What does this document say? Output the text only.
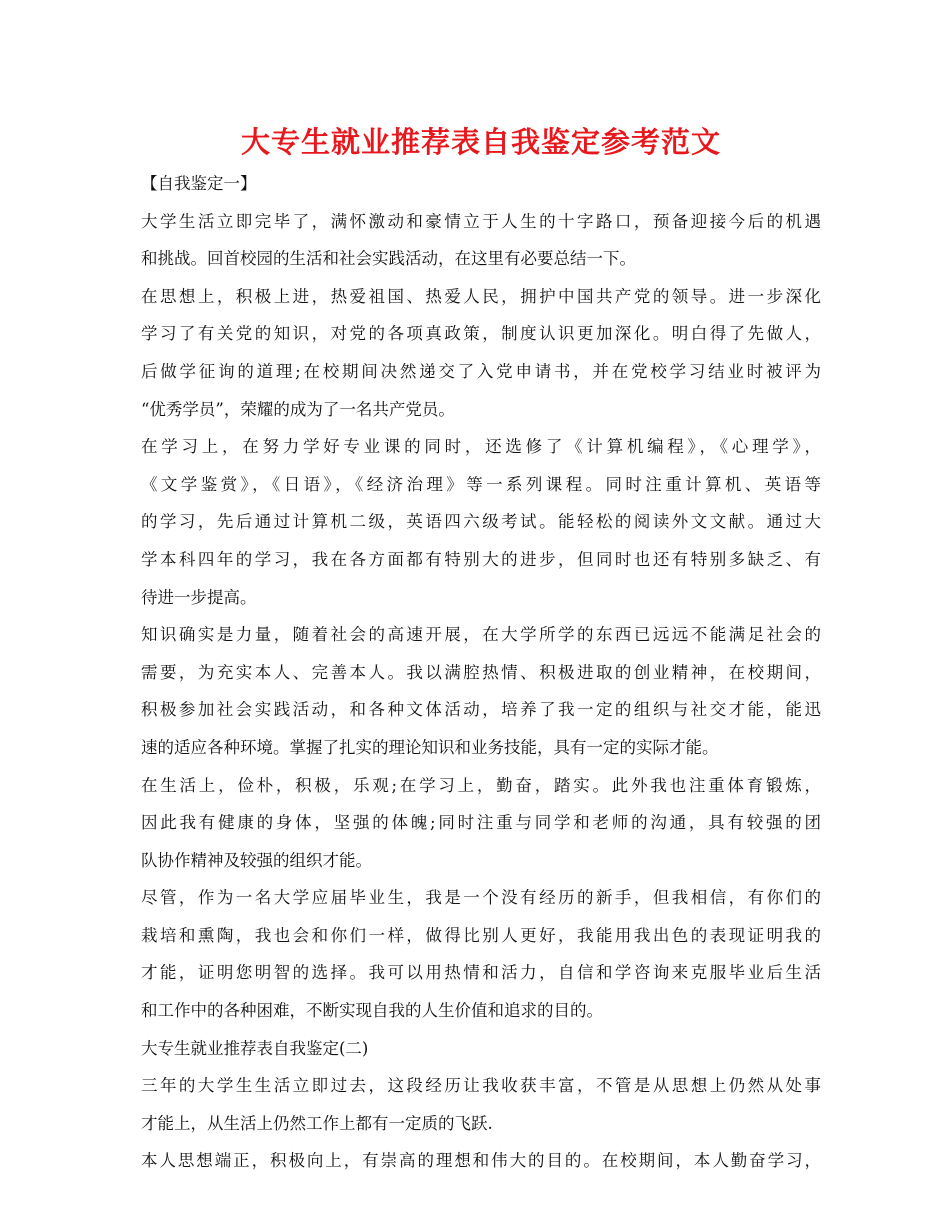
大专生就业推荐表自我鉴定参考范文
【自我鉴定一】
大学生活立即完毕了，满怀激动和豪情立于人生的十字路口，预备迎接今后的机遇
和挑战。回首校园的生活和社会实践活动，在这里有必要总结一下。
在思想上，积极上进，热爱祖国、热爱人民，拥护中国共产党的领导。进一步深化
学习了有关党的知识，对党的各项真政策，制度认识更加深化。明白得了先做人，
后做学征询的道理;在校期间决然递交了入党申请书，并在党校学习结业时被评为
“优秀学员”，荣耀的成为了一名共产党员。
在学习上，在努力学好专业课的同时，还选修了《计算机编程》，《心理学》，
《文学鉴赏》，《日语》，《经济治理》等一系列课程。同时注重计算机、英语等
的学习，先后通过计算机二级，英语四六级考试。能轻松的阅读外文文献。通过大
学本科四年的学习，我在各方面都有特别大的进步，但同时也还有特别多缺乏、有
待进一步提高。
知识确实是力量，随着社会的高速开展，在大学所学的东西已远远不能满足社会的
需要，为充实本人、完善本人。我以满腔热情、积极进取的创业精神，在校期间，
积极参加社会实践活动，和各种文体活动，培养了我一定的组织与社交才能，能迅
速的适应各种环境。掌握了扎实的理论知识和业务技能，具有一定的实际才能。
在生活上，俭朴，积极，乐观;在学习上，勤奋，踏实。此外我也注重体育锻炼，
因此我有健康的身体，坚强的体魄;同时注重与同学和老师的沟通，具有较强的团
队协作精神及较强的组织才能。
尽管，作为一名大学应届毕业生，我是一个没有经历的新手，但我相信，有你们的
栽培和熏陶，我也会和你们一样，做得比别人更好，我能用我出色的表现证明我的
才能，证明您明智的选择。我可以用热情和活力，自信和学咨询来克服毕业后生活
和工作中的各种困难，不断实现自我的人生价值和追求的目的。
大专生就业推荐表自我鉴定(二)
三年的大学生生活立即过去，这段经历让我收获丰富，不管是从思想上仍然从处事
才能上，从生活上仍然工作上都有一定质的飞跃.
本人思想端正，积极向上，有崇高的理想和伟大的目的。在校期间，本人勤奋学习，
